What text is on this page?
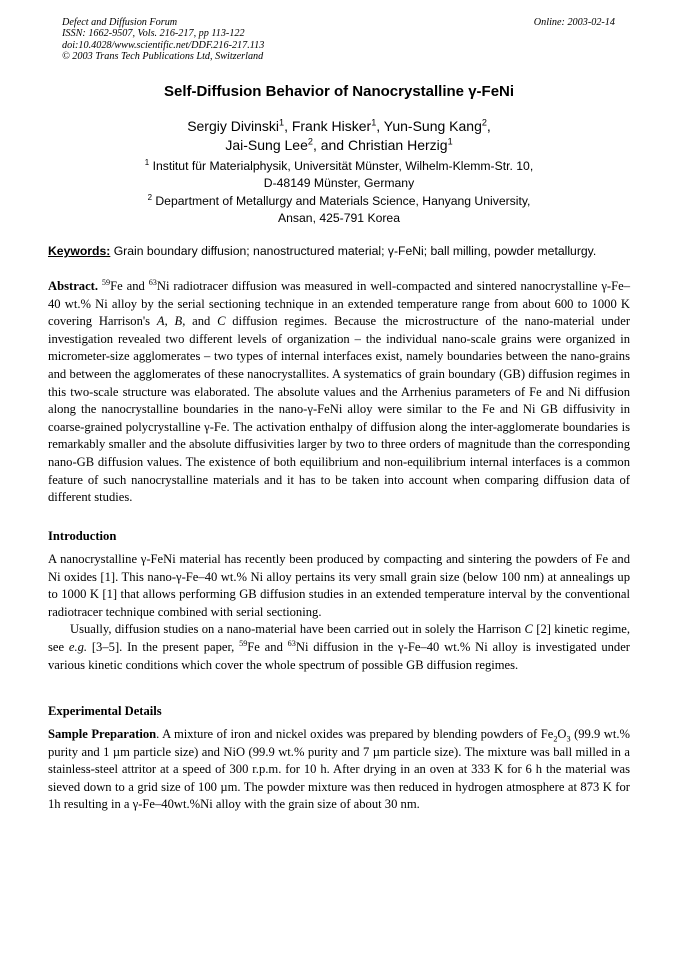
Defect and Diffusion Forum
ISSN: 1662-9507, Vols. 216-217, pp 113-122
doi:10.4028/www.scientific.net/DDF.216-217.113
© 2003 Trans Tech Publications Ltd, Switzerland
Online: 2003-02-14
Self-Diffusion Behavior of Nanocrystalline γ-FeNi
Sergiy Divinski$^1$, Frank Hisker$^1$, Yun-Sung Kang$^2$,
Jai-Sung Lee$^2$, and Christian Herzig$^1$
$^1$ Institut für Materialphysik, Universität Münster, Wilhelm-Klemm-Str. 10,
D-48149 Münster, Germany
$^2$ Department of Metallurgy and Materials Science, Hanyang University,
Ansan, 425-791 Korea
Keywords: Grain boundary diffusion; nanostructured material; γ-FeNi; ball milling, powder metallurgy.
Abstract. $^{59}$Fe and $^{63}$Ni radiotracer diffusion was measured in well-compacted and sintered nanocrystalline γ-Fe–40 wt.% Ni alloy by the serial sectioning technique in an extended temperature range from about 600 to 1000 K covering Harrison's A, B, and C diffusion regimes. Because the microstructure of the nano-material under investigation revealed two different levels of organization – the individual nano-scale grains were organized in micrometer-size agglomerates – two types of internal interfaces exist, namely boundaries between the nano-grains and between the agglomerates of these nanocrystallites. A systematics of grain boundary (GB) diffusion regimes in this two-scale structure was elaborated. The absolute values and the Arrhenius parameters of Fe and Ni diffusion along the nanocrystalline boundaries in the nano-γ-FeNi alloy were similar to the Fe and Ni GB diffusivity in coarse-grained polycrystalline γ-Fe. The activation enthalpy of diffusion along the inter-agglomerate boundaries is remarkably smaller and the absolute diffusivities larger by two to three orders of magnitude than the corresponding nano-GB diffusion values. The existence of both equilibrium and non-equilibrium internal interfaces is a common feature of such nanocrystalline materials and it has to be taken into account when comparing diffusion data of different studies.
Introduction

A nanocrystalline γ-FeNi material has recently been produced by compacting and sintering the powders of Fe and Ni oxides [1]. This nano-γ-Fe–40 wt.% Ni alloy pertains its very small grain size (below 100 nm) at annealings up to 1000 K [1] that allows performing GB diffusion studies in an extended temperature interval by the conventional radiotracer technique combined with serial sectioning.

Usually, diffusion studies on a nano-material have been carried out in solely the Harrison C [2] kinetic regime, see e.g. [3–5]. In the present paper, $^{59}$Fe and $^{63}$Ni diffusion in the γ-Fe–40 wt.% Ni alloy is investigated under various kinetic conditions which cover the whole spectrum of possible GB diffusion regimes.

Experimental Details
Sample Preparation. A mixture of iron and nickel oxides was prepared by blending powders of $Fe_2O_3$ (99.9 wt.% purity and 1 µm particle size) and NiO (99.9 wt.% purity and 7 µm particle size). The mixture was ball milled in a stainless-steel attritor at a speed of 300 r.p.m. for 10 h. After drying in an oven at 333 K for 6 h the material was sieved down to a grid size of 100 µm. The powder mixture was then reduced in hydrogen atmosphere at 873 K for 1h resulting in a γ-Fe–40wt.%Ni alloy with the grain size of about 30 nm.
